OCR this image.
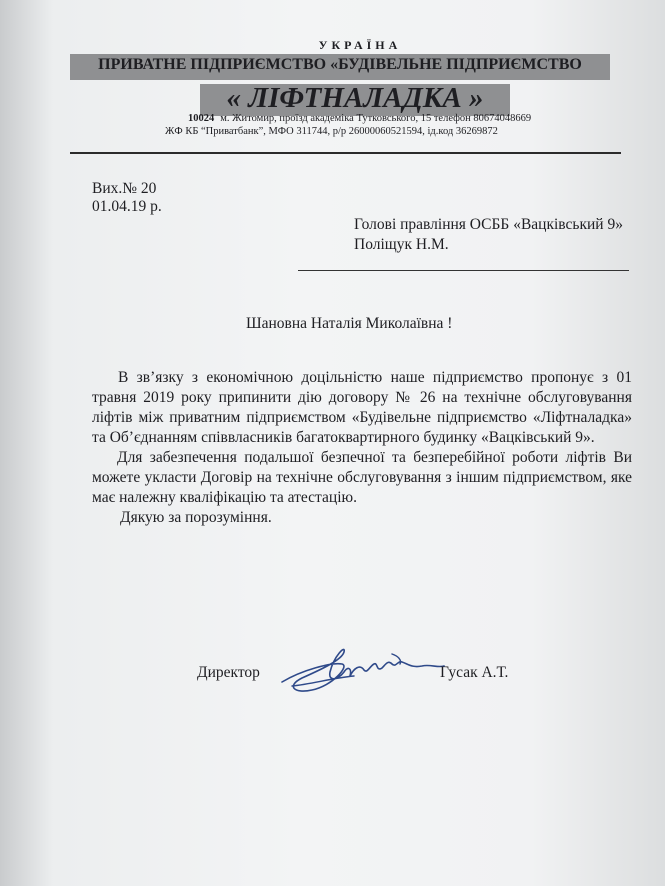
УКРАЇНА
ПРИВАТНЕ ПІДПРИЄМСТВО «БУДІВЕЛЬНЕ ПІДПРИЄМСТВО
« ЛІФТНАЛАДКА »
10024 м. Житомир, проїзд академіка Тутковського, 15 телефон 80674048669
ЖФ КБ “Приватбанк”, МФО 311744, р/р 26000060521594, ід.код 36269872
Вих.№ 20
01.04.19 р.
Голові правління ОСББ «Вацківський 9»
Поліщук Н.М.
Шановна Наталія Миколаївна !

В зв’язку з економічною доцільністю наше підприємство пропонує з 01 травня 2019 року припинити дію договору № 26 на технічне обслуговування ліфтів між приватним підприємством «Будівельне підприємство «Ліфтналадка» та Об’єднанням співвласників багатоквартирного будинку «Вацківський 9».

Для забезпечення подальшої безпечної та безперебійної роботи ліфтів Ви можете укласти Договір на технічне обслуговування з іншим підприємством, яке має належну кваліфікацію та атестацію.

Дякую за порозуміння.

Директор	Гусак А.Т.
